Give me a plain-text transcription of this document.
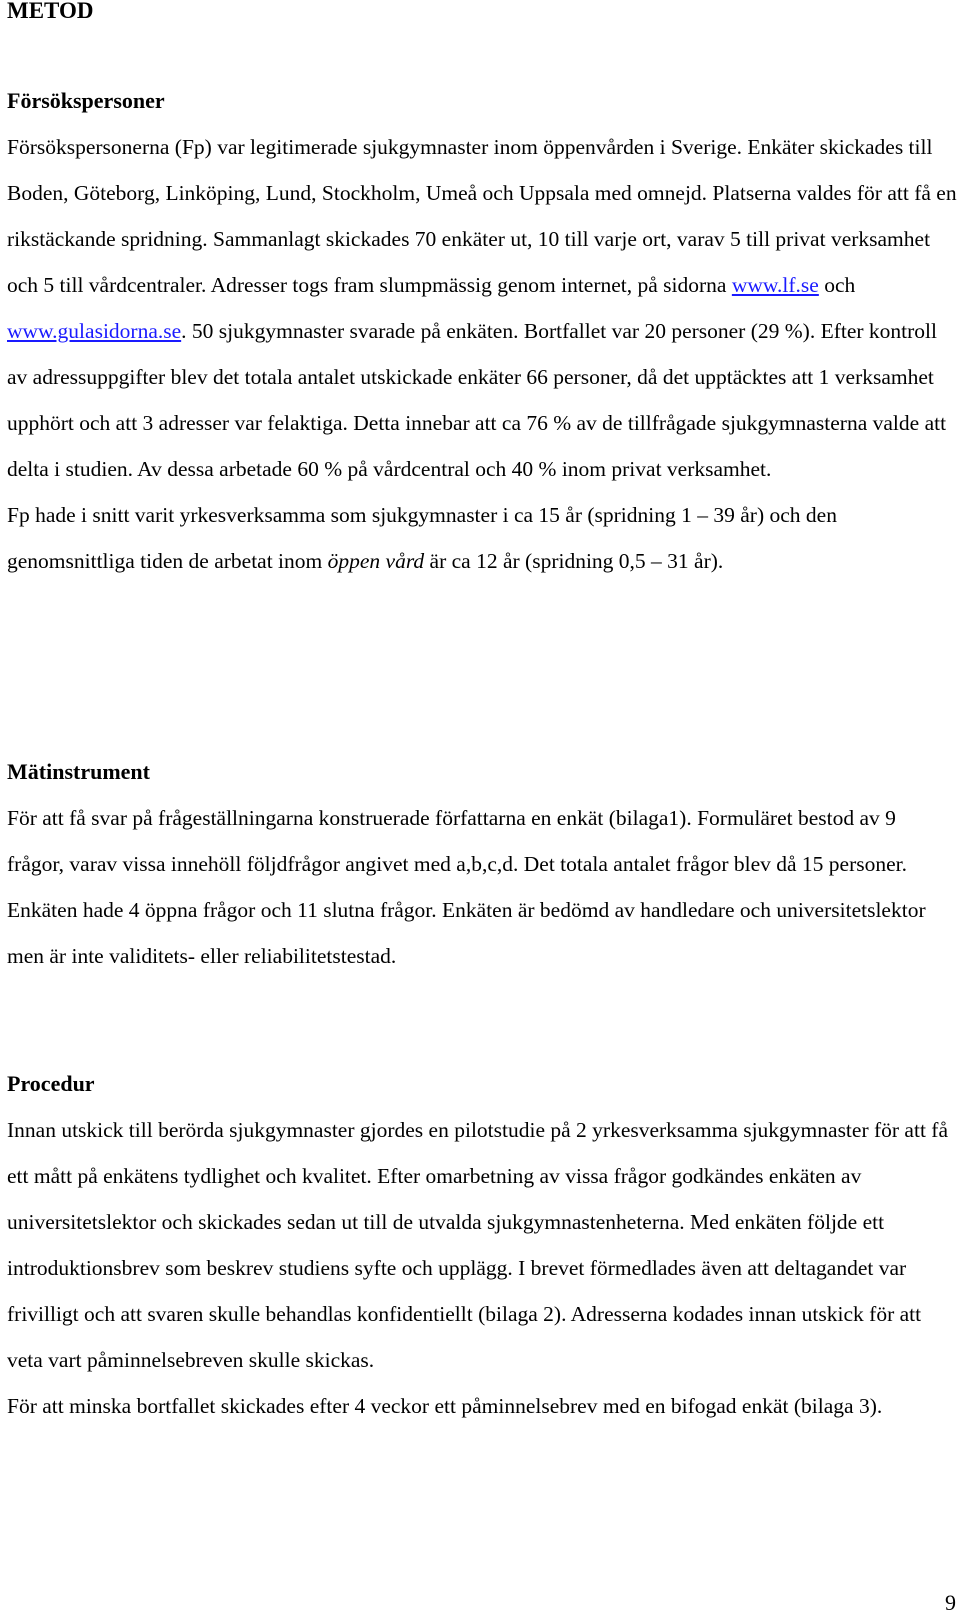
METOD
Försökspersoner

Försökspersonerna (Fp) var legitimerade sjukgymnaster inom öppenvården i Sverige. Enkäter skickades till Boden, Göteborg, Linköping, Lund, Stockholm, Umeå och Uppsala med omnejd. Platserna valdes för att få en rikstäckande spridning. Sammanlagt skickades 70 enkäter ut, 10 till varje ort, varav 5 till privat verksamhet och 5 till vårdcentraler. Adresser togs fram slumpmässig genom internet, på sidorna www.lf.se och www.gulasidorna.se. 50 sjukgymnaster svarade på enkäten. Bortfallet var 20 personer (29 %). Efter kontroll av adressuppgifter blev det totala antalet utskickade enkäter 66 personer, då det upptäcktes att 1 verksamhet upphört och att 3 adresser var felaktiga. Detta innebar att ca 76 % av de tillfrågade sjukgymnasterna valde att delta i studien. Av dessa arbetade 60 % på vårdcentral och 40 % inom privat verksamhet.

Fp hade i snitt varit yrkesverksamma som sjukgymnaster i ca 15 år (spridning 1 – 39 år) och den genomsnittliga tiden de arbetat inom öppen vård är ca 12 år (spridning 0,5 – 31 år).

Mätinstrument

För att få svar på frågeställningarna konstruerade författarna en enkät (bilaga1). Formuläret bestod av 9 frågor, varav vissa innehöll följdfrågor angivet med a,b,c,d. Det totala antalet frågor blev då 15 personer. Enkäten hade 4 öppna frågor och 11 slutna frågor. Enkäten är bedömd av handledare och universitetslektor men är inte validitets- eller reliabilitetstestad.

Procedur

Innan utskick till berörda sjukgymnaster gjordes en pilotstudie på 2 yrkesverksamma sjukgymnaster för att få ett mått på enkätens tydlighet och kvalitet. Efter omarbetning av vissa frågor godkändes enkäten av universitetslektor och skickades sedan ut till de utvalda sjukgymnastenheterna. Med enkäten följde ett introduktionsbrev som beskrev studiens syfte och upplägg. I brevet förmedlades även att deltagandet var frivilligt och att svaren skulle behandlas konfidentiellt (bilaga 2). Adresserna kodades innan utskick för att veta vart påminnelsebreven skulle skickas.

För att minska bortfallet skickades efter 4 veckor ett påminnelsebrev med en bifogad enkät (bilaga 3).

9
